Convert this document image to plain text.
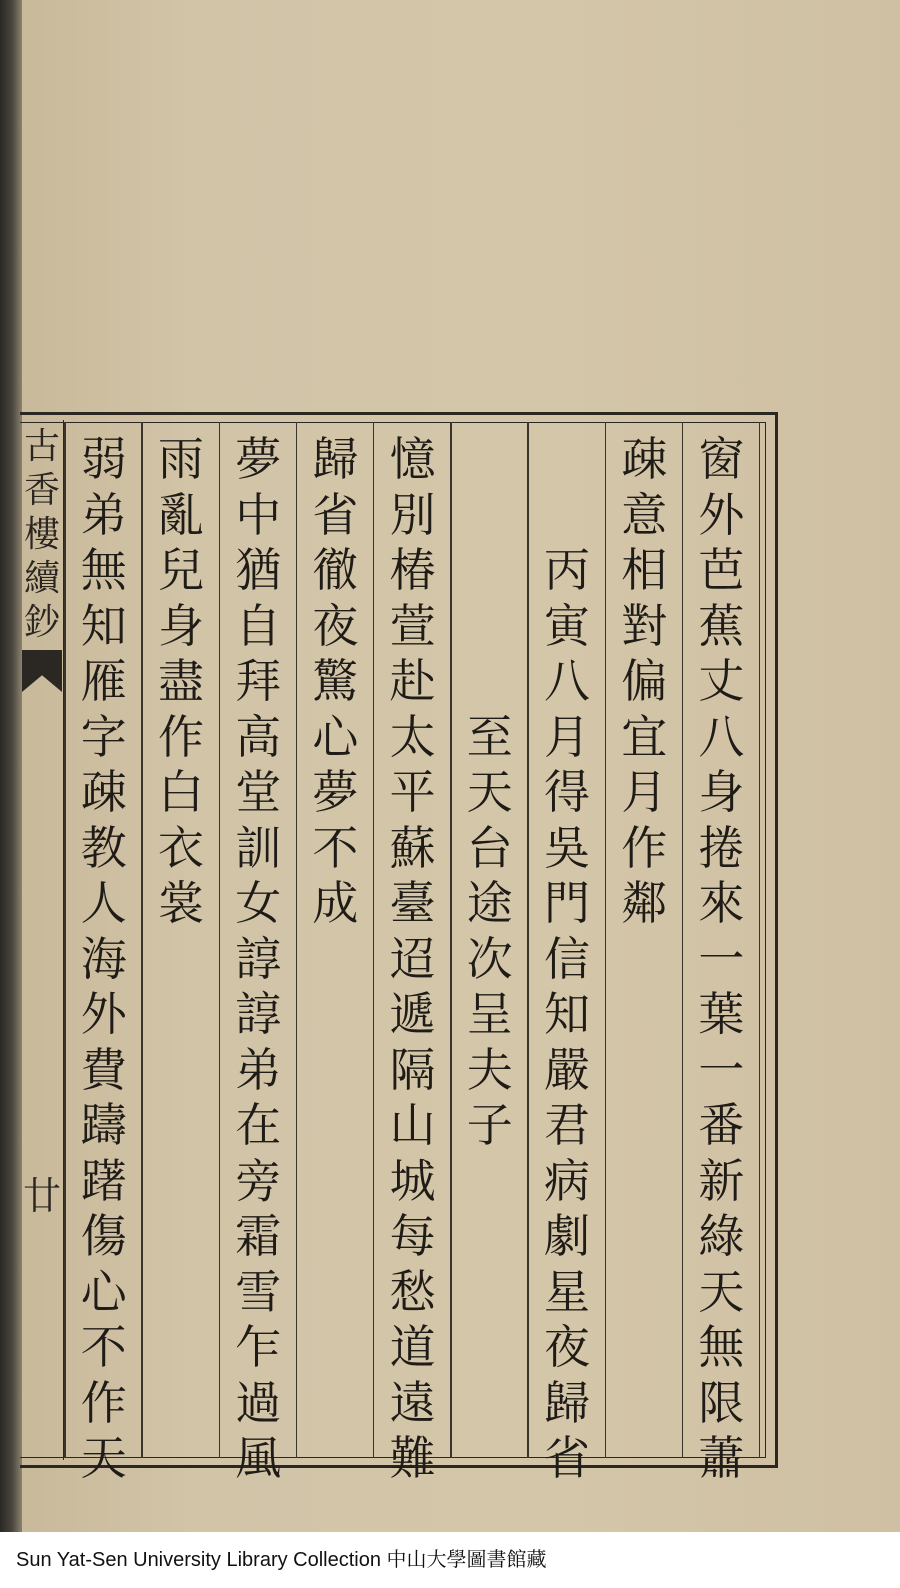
古
香
樓
續
鈔
廿
窗
外
芭
蕉
丈
八
身
捲
來
一
葉
一
番
新
綠
天
無
限
蕭
疎
意
相
對
偏
宜
月
作
鄰

丙
寅
八
月
得
吳
門
信
知
嚴
君
病
劇
星
夜
歸
省

至
天
台
途
次
呈
夫
子
憶
別
椿
萱
赴
太
平
蘇
臺
迢
遞
隔
山
城
每
愁
道
遠
難
歸
省
徹
夜
驚
心
夢
不
成
夢
中
猶
自
拜
高
堂
訓
女
諄
諄
弟
在
旁
霜
雪
乍
過
風
雨
亂
兒
身
盡
作
白
衣
裳
弱
弟
無
知
雁
字
疎
教
人
海
外
費
躊
躇
傷
心
不
作
天
Sun Yat-Sen University Library Collection 中山大學圖書館藏
